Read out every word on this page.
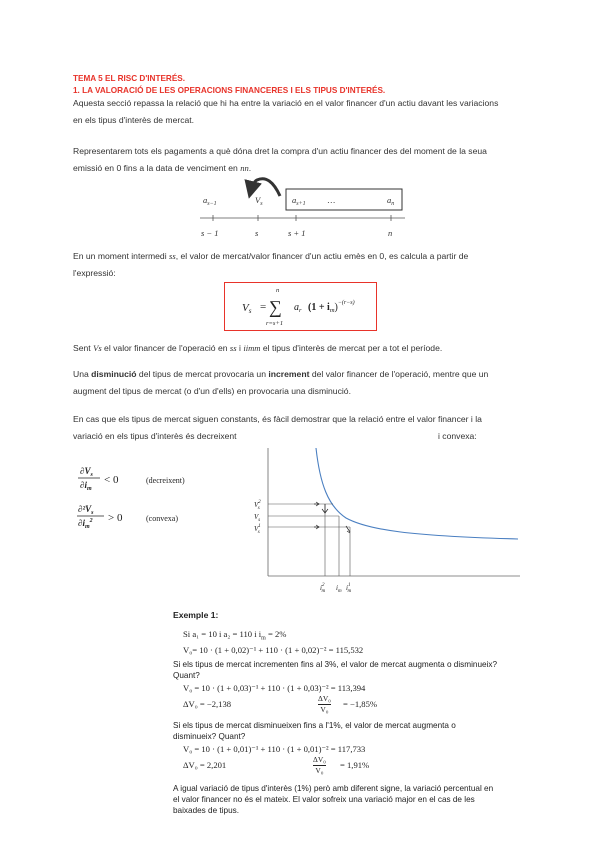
TEMA 5 EL RISC D'INTERÉS.
1. LA VALORACIÓ DE LES OPERACIONS FINANCERES I ELS TIPUS D'INTERÉS.
Aquesta secció repassa la relació que hi ha entre la variació en el valor financer d'un actiu davant les variacions
en els tipus d'interès de mercat.
Representarem tots els pagaments a què dóna dret la compra d'un actiu financer des del moment de la seua
emissió en 0 fins a la data de venciment en nn.
$a_{s-1}$	$V_s$	$a_{s+1}$	…	$a_n$
s − 1	s	s + 1	n
En un moment intermedi ss, el valor de mercat/valor financer d'un actiu emès en 0, es calcula a partir de
l'expressió:
Vs =
n
∑
r=s+1
$a_r$ $(1 + i_m)^{-(r-s)}$
Sent Vs el valor financer de l'operació en ss i iimm el tipus d'interès de mercat per a tot el període.
Una disminució del tipus de mercat provocaria un increment del valor financer de l'operació, mentre que un
augment del tipus de mercat (o d'un d'ells) en provocaria una disminució.
En cas que els tipus de mercat siguen constants, és fàcil demostrar que la relació entre el valor financer i la
variació en els tipus d'interès és decreixent	i convexa:
$\partial V_s$
$\partial i_m$
< 0	(decreixent)
$\partial^2V_s$
$\partial i_m^2 > 0$	(convexa)
$V^2$ s
$V_s$
$V^1$ s
$i^2$ m $i_m$ $i^1$ m
Exemple 1:
Si a₁ = 10 i a₂ = 110 i $i_m = 2\%$
V₀= 10 · (1 + 0,02)⁻¹ + 110 · (1 + 0,02)⁻² = 115,532
Si els tipus de mercat incrementen fins al 3%, el valor de mercat augmenta o disminueix?
Quant?
V₀ = 10 · (1 + 0,03)⁻¹ + 110 · (1 + 0,03)⁻² = 113,394
ΔV₀ = −2,138
ΔV₀
V₀
= −1,85%
Si els tipus de mercat disminueixen fins a l'1%, el valor de mercat augmenta o
disminueix? Quant?
V₀ = 10 · (1 + 0,01)⁻¹ + 110 · (1 + 0,01)⁻² = 117,733
ΔV₀ = 2,201
ΔV₀
V₀
= 1,91%
A igual variació de tipus d'interès (1%) però amb diferent signe, la variació percentual en
el valor financer no és el mateix. El valor sofreix una variació major en el cas de les
baixades de tipus.
